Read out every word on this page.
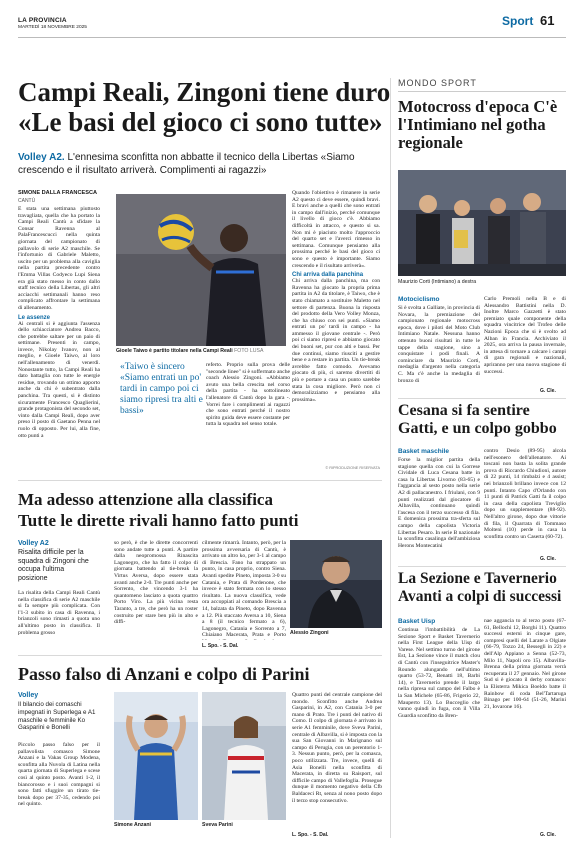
LA PROVINCIA
MARTEDÌ 18 NOVEMBRE 2025	Sport 61
Campi Reali, Zingoni tiene duro
«Le basi del gioco ci sono tutte»
Volley A2. L'ennesima sconfitta non abbatte il tecnico della Libertas «Siamo crescendo e il risultato arriverà. Complimenti ai ragazzi»
SIMONE DALLA FRANCESCA
CANTÙ
È stata una settimana piuttosto travagliata, quella che ha portato la Campi Reali Cantù a sfidare la Consar Ravenna al PalaFrancescucci nella quinta giornata del campionato di pallavolo di serie A2 maschile. Se l'infortunio di Gabriele Maletto, uscito per un problema alla caviglia nella partita precedente contro l'Emma Villas Codyeco Lupi Siena era già stato messo in conto dallo staff tecnico della Libertas, gli altri acciacchi settimanali hanno reso complicato affrontare la settimana di allenamento.
Le assenze
Ai centrali si è aggiunta l'assenza dello schiacciatore Andrea Bacco, che potrebbe saltare per un paio di settimane. Presenti in campo, invece, Nikolay Ivanov, non al meglio, e Gioele Taiwo, al loro nell'allenamento di venerdì. Nonostante tutto, la Campi Reali ha dato battaglia con tutte le energie residue, trovando un ottimo apporto anche da chi è subentrato dalla panchina. Tra questi, si è distinto sicuramente Francesco Quaglierini, grande protagonista del secondo set, vinto dalla Campi Reali, dopo aver preso il posto di Gaetano Penna nel ruolo di opposto. Per lui, alla fine, otto punti a
Gioele Taiwo è partito titolare nella Campi Reali FOTO LUSA
«Taiwo è sincero «Siamo entrati un po' tardi in campo poi ci siamo ripresi tra alti e bassi»
referto. Proprio sulla prova delle "seconde linee" si è soffermato anche coach Alessio Zingoni. «Abbiamo avuto una bella crescita nel corso della partita - ha sottolineato l'allenatore di Cantù dopo la gara -. Vorrei fare i complimenti ai ragazzi che sono entrati perché il nostro spirito guida deve essere costante per tutta la squadra nel senso totale.
Quando l'obiettivo è rimanere in serie A2 questo ci deve essere, quindi bravi. E bravi anche a quelli che sono entrati in campo dall'inizio, perché comunque il livello di gioco c'è. Abbiamo difficoltà in attacco, e questo si sa. Non mi è piaciuto molto l'approccio del quarto set e l'averci rimesso in settimana. Comunque pensiamo alla prossima perché le basi del gioco ci sono e questo è importante. Siamo crescendo e il risultato arriverà».
Chi arriva dalla panchina
Chi arriva dalla panchina, ma con Ravenna ha giocato la propria prima partita in A2 da titolare, è Taiwo, che è stato chiamato a sostituire Maletto nel settore di partenza. Buona la risposta del prodotto della Vero Volley Monza, che ha chiuso con sei punti. «Siamo entrati un po' tardi in campo - ha ammesso il giovane centrale -. Però poi ci siamo ripresi e abbiamo giocato dei buoni set, pur con alti e bassi. Per due continui, siamo riusciti a gestire bene e a restare in partita. Un tie-break avrebbe fatto comodo. Avevamo giocato di più, ci saremo divertiti di più e portare a casa un punto sarebbe stata la cosa migliore. Però non ci demoralizziamo e pensiamo alla prossima».
© RIPRODUZIONE RISERVATA
MONDO SPORT
Motocross d'epoca C'è l'Intimiano nel gotha regionale
Maurizio Corti (Intimiano) a destra
Motociclismo
Si è svolta a Galliate, in provincia di Novara, la premiazione del campionato regionale motocross epoca, dove i piloti del Moto Club Intimiano Natale. Nessuna hanno ottenuto buoni risultati in tutte le tappe della stagione, sino a conquistare i podi finali. A cominciare da Maurizio Corti, medaglia d'argento nella categoria C. Ma c'è anche la medaglia di bronzo di
Carlo Premoli nella B e di Alessandro Battistini nella D. Inoltre Marco Gazzetti è stato premiato quale componente della squadra vincitrice del Trofeo delle Nazioni Epoca che si è svolto ad Alban in Francia. Archiviato il 2025, ora arriva la pausa invernale, in attesa di tornare a calcare i campi di gara regionali e nazionali, apriranno per una nuova stagione di successi.
G. Cle.
Cesana si fa sentire Gatti, e un colpo gobbo
Basket maschile
Forse la miglior partita della stagione quella con cui la Gorrese Cividale di Luca Cesana batte in casa la Libertas Livorno (83-65) e l'aggancia al sesto posto nella serie A2 di pallacanestro. I friulani, con 9 punti realizzati dal giocatore di Albavilla, continuano quindi l'ascesa con il terzo successo di fila. E domenica prossima tra-sferta sul campo della capolista Victoria Libertas Pesaro. In serie B nazionale la sconfitta casalinga dell'ambiziosa Herons Montecatini
contro Desio (89-95) alcola nell'esonero dell'allenatore. Ai toscani non basta la solita grande prova di Riccardo Chiudioni, autore di 22 punti, 14 rimbalzi e 4 assist; nei brianzoli brillano invece con 12 punti. Intanto Capo d'Orlando con 11 punti di Patrick Gatti fa il colpo in casa della capolista Treviglio dopo un supplementare (88-92). Nell'altro girone, dopo due vittorie di fila, il Quarrata di Tommaso Molteni (10) perde in casa la sconfitta contro un Caserta (60-72).
G. Cle.
La Sezione e Tavernerio Avanti a colpi di successi
Basket Uisp
Continua l'imbattibilità de La Sezione Sport e Basket Tavernerio nella First League della Uisp di Varese. Nel settimo turno del girone Est, La Sezione vince il match clou di Cantù con l'inseguitrice Master's Roundo alungando nell'ultimo quarto (53-72, Benatti 18, Barbi 14), e Tavernerio prende il largo nella ripresa sul campo del Falbo è la San Michele (65-86, Frigerio 22, Mauperto 13). Lo Bucceglio che vanno quindi in fuga, con il Villa Guardia sconfitto da Bren-
nae aggancia to al terzo posto (67-61, Bellochi 12, Borghi 11). Quattro successi esterni in cinque gare, compresi quelli del Larate a Olgiate (66-79, Tozzo 24, Bessegli in 22) e dell'Alp Appiano a Senna (52-73, Milo 11, Napoli oro 15). Albavilla-Brenna della prima giornata verrà recuperata il 27 gennaio. Nel girone Sud si è giocato il derby comasco: la Elisterra Mikica Boeldo batte il Rainbow di coda Bel'Tartaruga Binago per 100-64 (51-26, Marini 21, Iovarone 16).
G. Cle.
Ma adesso attenzione alla classifica
Tutte le dirette rivali hanno fatto punti
Volley A2
Risalita difficile per la squadra di Zingoni che occupa l'ultima posizione
La risalita della Campi Reali Cantù nella classifica di serie A2 maschile si fa sempre più complicata. Con l'1-3 subito in casa di Ravenna, i brianzoli sono rimasti a quota uno all'ultimo posto in classifica. Il problema grosso
so però, è che le dirette concorrenti sono andate tutte a punti. A partire dalla neopromossa Rinascita Lagonegro, che ha fatto il colpo di giornata battendo al tie-break la Virtus Aversa, dopo essere stata avanti anche 2-0. Tre punti anche per Sorrento, che vincendo 3-1 ha quantomeno lasciato a quota quattro Porto Viro. La più vicina resta Taranto, a tre, che però ha un roster costruito per stare ben più in alto e diffi-
cilmente rimarrà. Intanto, però, per la prossima avversaria di Cantù, è arrivato un altro ko, per 3-1 al campo di Brescia. Fano ha strappato un punto, in casa proprio, contro Siena. Avanti spedite Pineto, imposta 3-0 su Catania, e Prata di Pordenone, che invece è stato fermata con lo stesso risultato. La nuova classifica, vede ora accoppiati al comando Brescia a 14, balzata da Pineto, dopo Ravenna a 12. Più staccato Aversa a 10, Siena a 8 (il tecnico fermato a 6), Lagonegro, Catania e Sorrento a 7, Chiaiano Macerata, Prata e Porto
L. Spo. - S. Dal.
Alessio Zingoni
Passo falso di Anzani e colpo di Parini
Volley
Il bilancio dei comaschi impegnati in Superlega e A1 maschile e femminile Ko Gasparini e Bonelli
Piccolo passo falso per il pallavolista comasco Simone Anzani e la Vakas Group Modena, sconfitta alla Nuvola di Latina nella quarta giornata di Superlega e scese così al quinto posto. Avanti 1-2, il biancorosso e i suoi compagni si sono fatti sfuggire un tirato tie-break dopo per 37-35, cedendo poi nel quinto.
Simone Anzani	Sveva Parini
Quattro punti del centrale campione del mondo. Sconfitto anche Andrea Gasparini, in A2, con Catania 3-0 per mano di Prato. Tre i punti del nativo di Como. Il colpo di giornata è arrivato in serie A1 femminile, dove Sveva Parini, centrale di Albavilla, si è imposta con la sua San Giovanni in Marignano sul campo di Perugia, con un perentorio 1-3. Nessun punto, però, per la comasca, poco utilizzata. Tre, invece, quelli di Asia Bonelli nella sconfitta di Macerata, in diretta su Raisport, sul difficile campo di Vallefoglia. Prosegue dunque il momento negativo della Cfb Baldaceci Rt, senza al nono posto dopo il terzo stop consecutivo.
L. Spo. - S. Dal.
